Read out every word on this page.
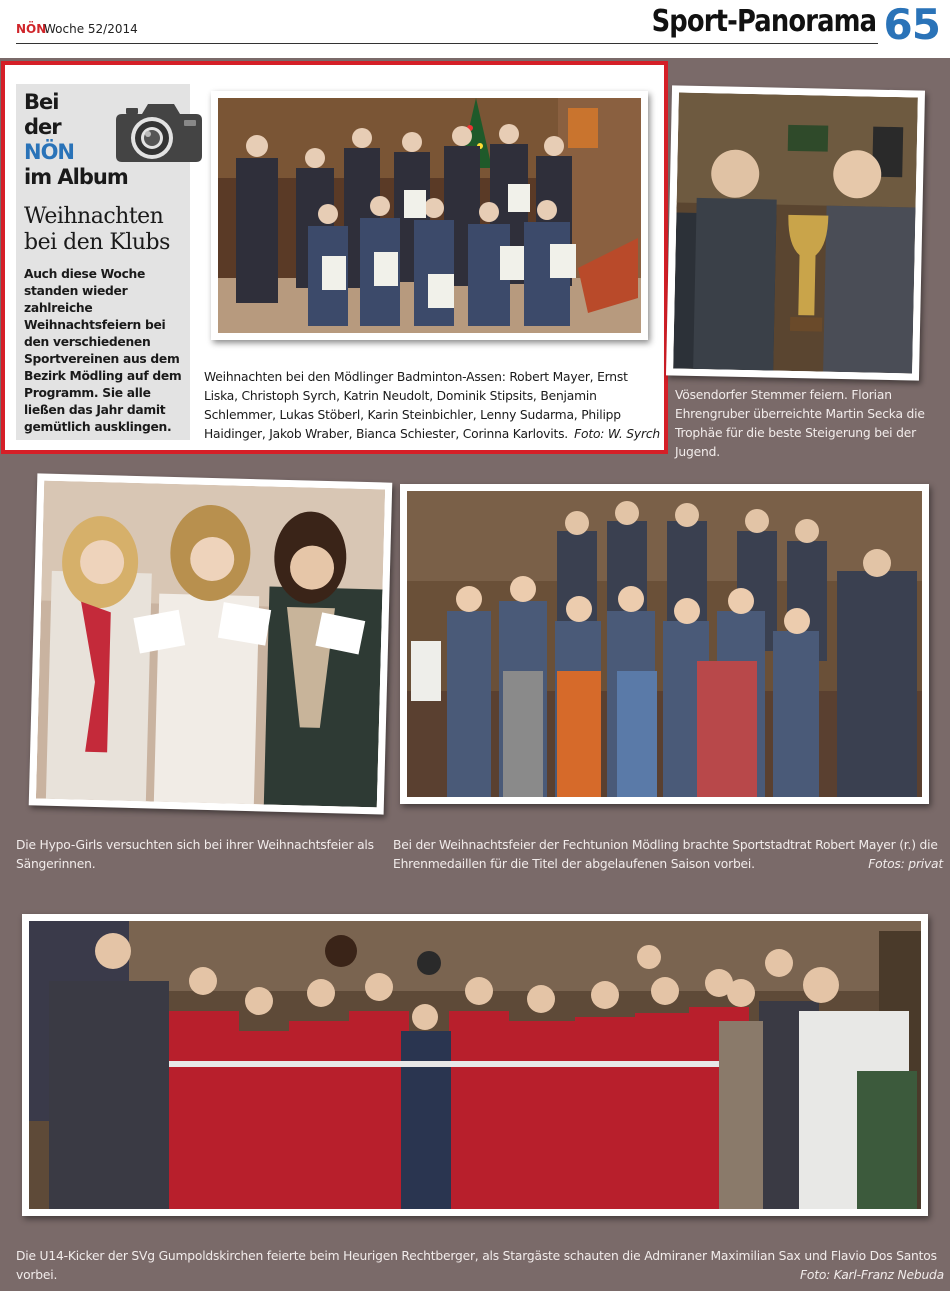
NÖN
Woche 52/2014	Sport-Panorama 65
Bei
der
NÖN
im Album
Weihnachten bei den Klubs
Auch diese Woche standen wieder zahlreiche Weihnachtsfeiern bei den verschiedenen Sportvereinen aus dem Bezirk Mödling auf dem Programm. Sie alle ließen das Jahr damit gemütlich ausklingen.
Weihnachten bei den Mödlinger Badminton-Assen: Robert Mayer, Ernst Liska, Christoph Syrch, Katrin Neudolt, Dominik Stipsits, Benjamin Schlemmer, Lukas Stöberl, Karin Steinbichler, Lenny Sudarma, Philipp Haidinger, Jakob Wraber, Bianca Schiester, Corinna Karlovits. Foto: W. Syrch
Vösendorfer Stemmer feiern. Florian Ehrengruber überreichte Martin Secka die Trophäe für die beste Steigerung bei der Jugend.
Die Hypo-Girls versuchten sich bei ihrer Weihnachtsfeier als Sängerinnen.
Bei der Weihnachtsfeier der Fechtunion Mödling brachte Sportstadtrat Robert Mayer (r.) die Ehrenmedaillen für die Titel der abgelaufenen Saison vorbei.	Fotos: privat
Die U14-Kicker der SVg Gumpoldskirchen feierte beim Heurigen Rechtberger, als Stargäste schauten die Admiraner Maximilian Sax und Flavio Dos Santos vorbei.	Foto: Karl-Franz Nebuda
